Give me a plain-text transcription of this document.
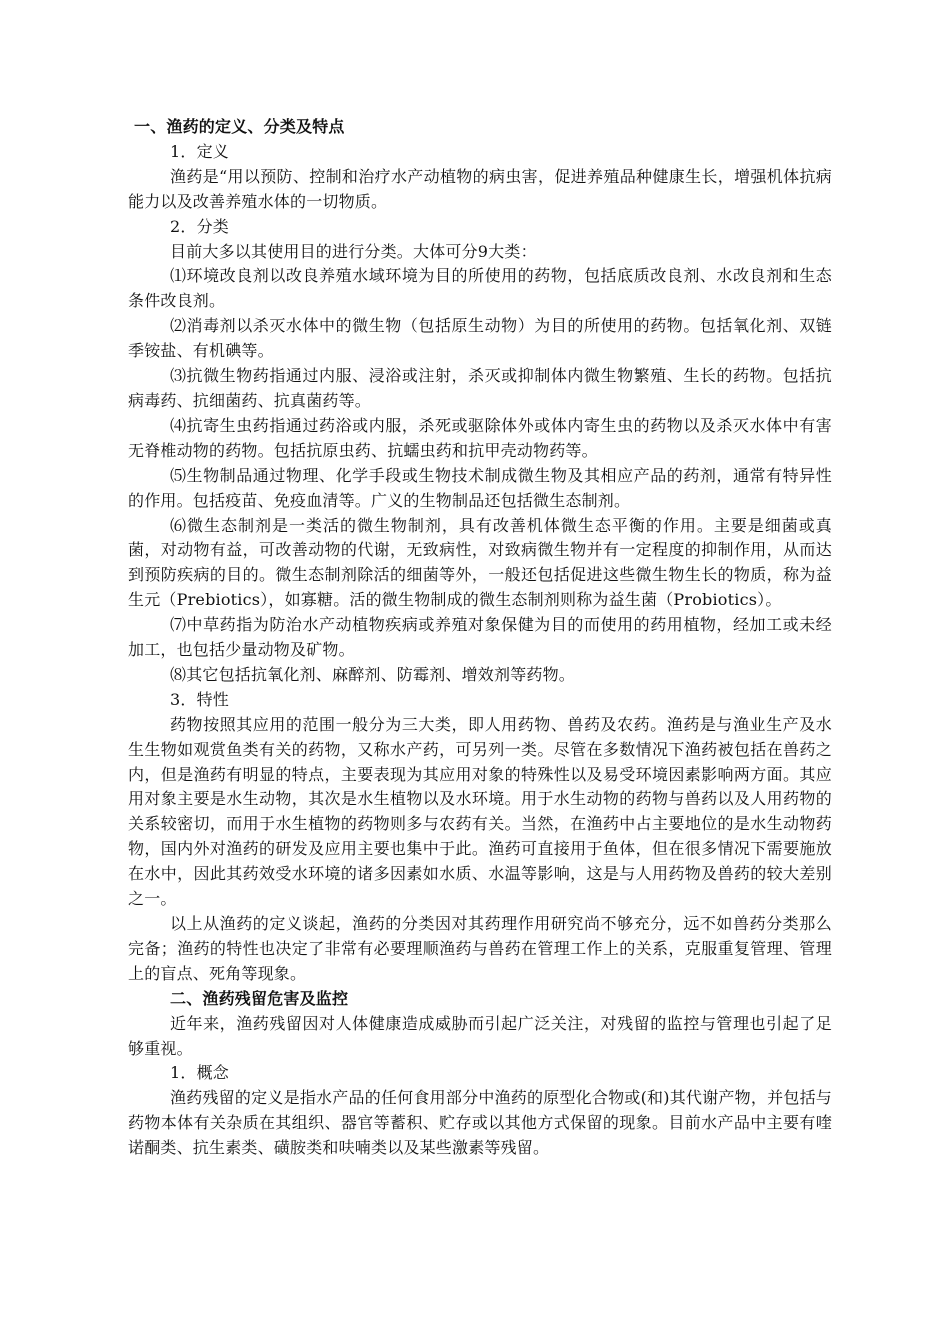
一、渔药的定义、分类及特点

1．定义

渔药是“用以预防、控制和治疗水产动植物的病虫害，促进养殖品种健康生长，增强机体抗病能力以及改善养殖水体的一切物质。

2．分类

目前大多以其使用目的进行分类。大体可分9大类：

⑴环境改良剂以改良养殖水域环境为目的所使用的药物，包括底质改良剂、水改良剂和生态条件改良剂。

⑵消毒剂以杀灭水体中的微生物（包括原生动物）为目的所使用的药物。包括氧化剂、双链季铵盐、有机碘等。

⑶抗微生物药指通过内服、浸浴或注射，杀灭或抑制体内微生物繁殖、生长的药物。包括抗病毒药、抗细菌药、抗真菌药等。

⑷抗寄生虫药指通过药浴或内服，杀死或驱除体外或体内寄生虫的药物以及杀灭水体中有害无脊椎动物的药物。包括抗原虫药、抗蠕虫药和抗甲壳动物药等。

⑸生物制品通过物理、化学手段或生物技术制成微生物及其相应产品的药剂，通常有特异性的作用。包括疫苗、免疫血清等。广义的生物制品还包括微生态制剂。

⑹微生态制剂是一类活的微生物制剂，具有改善机体微生态平衡的作用。主要是细菌或真菌，对动物有益，可改善动物的代谢，无致病性，对致病微生物并有一定程度的抑制作用，从而达到预防疾病的目的。微生态制剂除活的细菌等外，一般还包括促进这些微生物生长的物质，称为益生元（Prebiotics），如寡糖。活的微生物制成的微生态制剂则称为益生菌（Probiotics）。

⑺中草药指为防治水产动植物疾病或养殖对象保健为目的而使用的药用植物，经加工或未经加工，也包括少量动物及矿物。

⑻其它包括抗氧化剂、麻醉剂、防霉剂、增效剂等药物。

3．特性

药物按照其应用的范围一般分为三大类，即人用药物、兽药及农药。渔药是与渔业生产及水生生物如观赏鱼类有关的药物，又称水产药，可另列一类。尽管在多数情况下渔药被包括在兽药之内，但是渔药有明显的特点，主要表现为其应用对象的特殊性以及易受环境因素影响两方面。其应用对象主要是水生动物，其次是水生植物以及水环境。用于水生动物的药物与兽药以及人用药物的关系较密切，而用于水生植物的药物则多与农药有关。当然，在渔药中占主要地位的是水生动物药物，国内外对渔药的研发及应用主要也集中于此。渔药可直接用于鱼体，但在很多情况下需要施放在水中，因此其药效受水环境的诸多因素如水质、水温等影响，这是与人用药物及兽药的较大差别之一。

以上从渔药的定义谈起，渔药的分类因对其药理作用研究尚不够充分，远不如兽药分类那么完备；渔药的特性也决定了非常有必要理顺渔药与兽药在管理工作上的关系，克服重复管理、管理上的盲点、死角等现象。

二、渔药残留危害及监控

近年来，渔药残留因对人体健康造成威胁而引起广泛关注，对残留的监控与管理也引起了足够重视。

1．概念

渔药残留的定义是指水产品的任何食用部分中渔药的原型化合物或(和)其代谢产物，并包括与药物本体有关杂质在其组织、器官等蓄积、贮存或以其他方式保留的现象。目前水产品中主要有喹诺酮类、抗生素类、磺胺类和呋喃类以及某些激素等残留。
